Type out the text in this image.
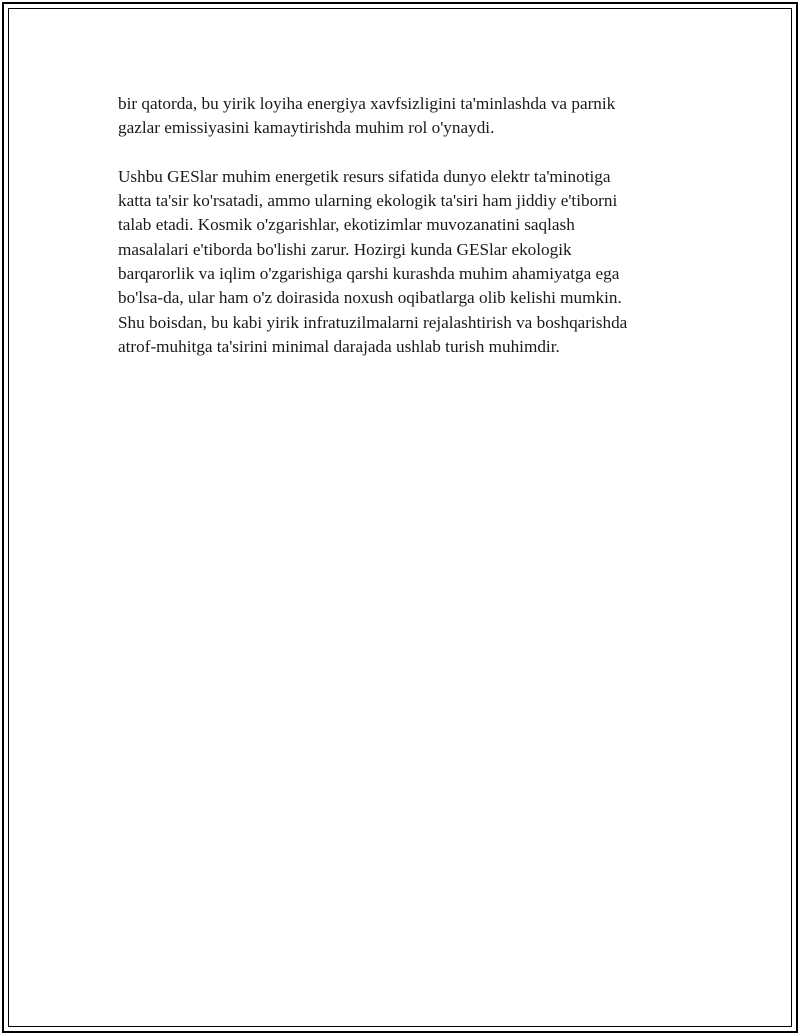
bir qatorda, bu yirik loyiha energiya xavfsizligini ta'minlashda va parnik
gazlar emissiyasini kamaytirishda muhim rol o'ynaydi.

Ushbu GESlar muhim energetik resurs sifatida dunyo elektr ta'minotiga
katta ta'sir ko'rsatadi, ammo ularning ekologik ta'siri ham jiddiy e'tiborni
talab etadi. Kosmik o'zgarishlar, ekotizimlar muvozanatini saqlash
masalalari e'tiborda bo'lishi zarur. Hozirgi kunda GESlar ekologik
barqarorlik va iqlim o'zgarishiga qarshi kurashda muhim ahamiyatga ega
bo'lsa-da, ular ham o'z doirasida noxush oqibatlarga olib kelishi mumkin.
Shu boisdan, bu kabi yirik infratuzilmalarni rejalashtirish va boshqarishda
atrof-muhitga ta'sirini minimal darajada ushlab turish muhimdir.
